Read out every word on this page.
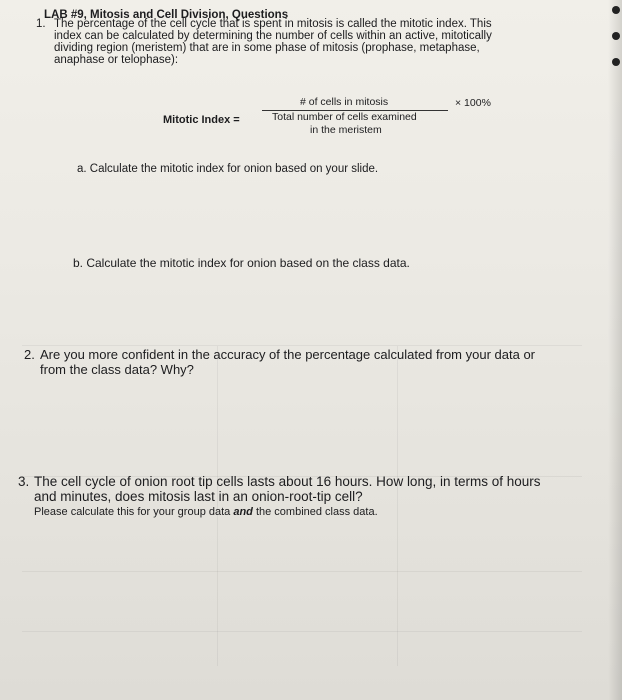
LAB #9, Mitosis and Cell Division, Questions
1. The percentage of the cell cycle that is spent in mitosis is called the mitotic index. This
index can be calculated by determining the number of cells within an active, mitotically
dividing region (meristem) that are in some phase of mitosis (prophase, metaphase,
anaphase or telophase):
Mitotic Index =
# of cells in mitosis
Total number of cells examined
in the meristem
× 100%
a. Calculate the mitotic index for onion based on your slide.
b. Calculate the mitotic index for onion based on the class data.
2. Are you more confident in the accuracy of the percentage calculated from your data or
from the class data? Why?
3. The cell cycle of onion root tip cells lasts about 16 hours. How long, in terms of hours
and minutes, does mitosis last in an onion-root-tip cell?
Please calculate this for your group data and the combined class data.
